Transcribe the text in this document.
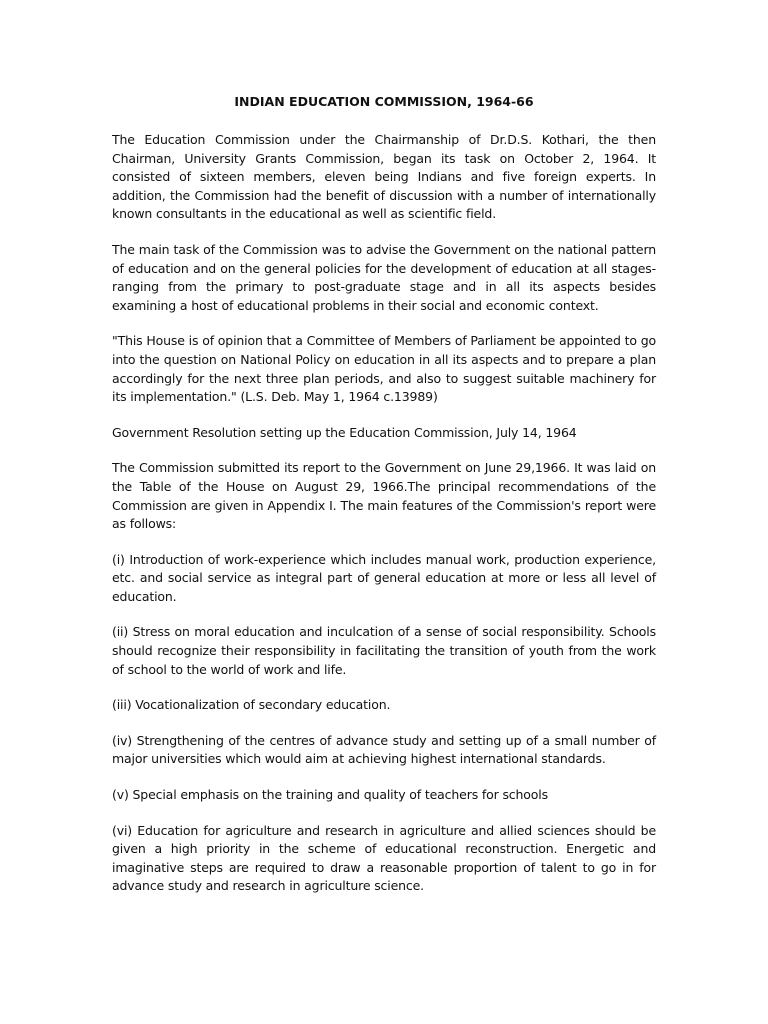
INDIAN EDUCATION COMMISSION, 1964-66

The Education Commission under the Chairmanship of Dr.D.S. Kothari, the then Chairman, University Grants Commission, began its task on October 2, 1964. It consisted of sixteen members, eleven being Indians and five foreign experts. In addition, the Commission had the benefit of discussion with a number of internationally known consultants in the educational as well as scientific field.

The main task of the Commission was to advise the Government on the national pattern of education and on the general policies for the development of education at all stages-ranging from the primary to post-graduate stage and in all its aspects besides examining a host of educational problems in their social and economic context.

"This House is of opinion that a Committee of Members of Parliament be appointed to go into the question on National Policy on education in all its aspects and to prepare a plan accordingly for the next three plan periods, and also to suggest suitable machinery for its implementation." (L.S. Deb. May 1, 1964 c.13989)

Government Resolution setting up the Education Commission, July 14, 1964

The Commission submitted its report to the Government on June 29,1966. It was laid on the Table of the House on August 29, 1966.The principal recommendations of the Commission are given in Appendix I. The main features of the Commission's report were as follows:

(i) Introduction of work-experience which includes manual work, production experience, etc. and social service as integral part of general education at more or less all level of education.

(ii) Stress on moral education and inculcation of a sense of social responsibility. Schools should recognize their responsibility in facilitating the transition of youth from the work of school to the world of work and life.

(iii) Vocationalization of secondary education.

(iv) Strengthening of the centres of advance study and setting up of a small number of major universities which would aim at achieving highest international standards.

(v) Special emphasis on the training and quality of teachers for schools

(vi) Education for agriculture and research in agriculture and allied sciences should be given a high priority in the scheme of educational reconstruction. Energetic and imaginative steps are required to draw a reasonable proportion of talent to go in for advance study and research in agriculture science.
